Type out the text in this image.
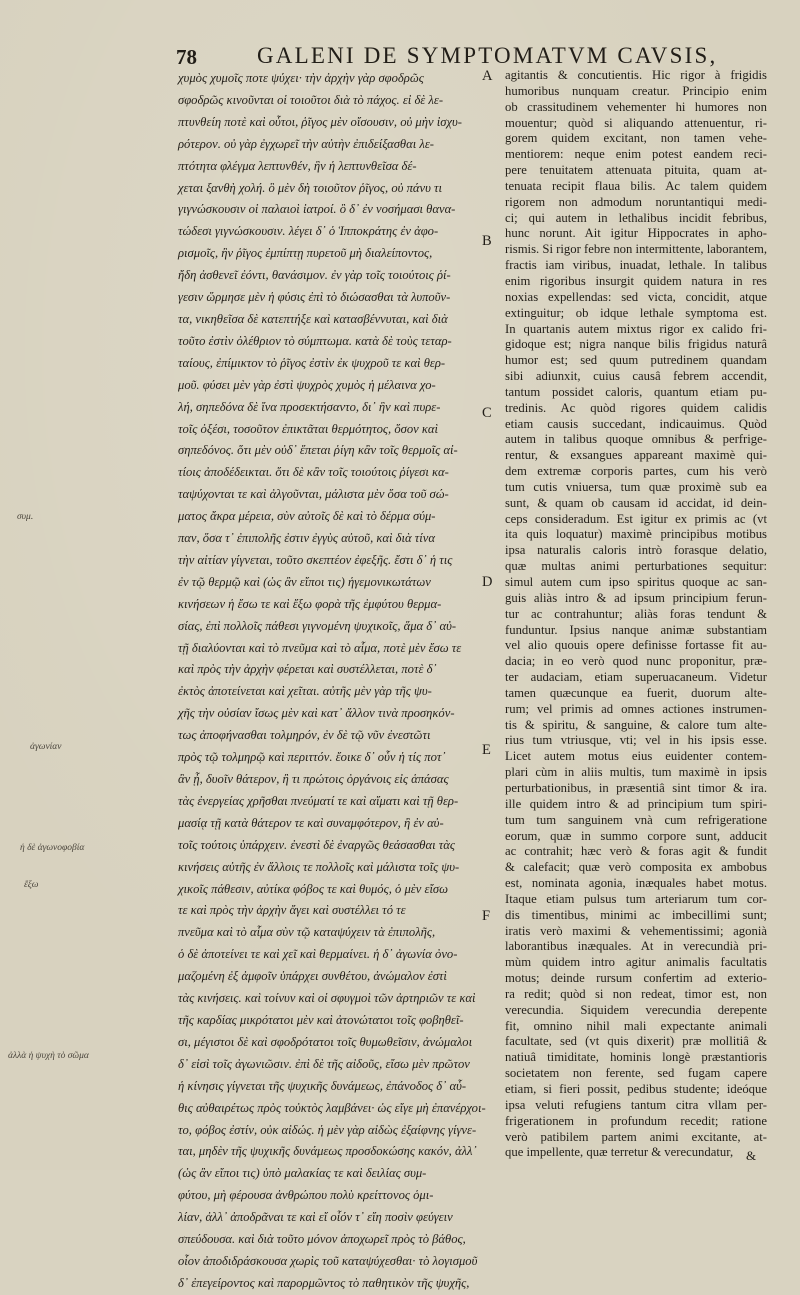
78	GALENI DE SYMPTOMATVM CAVSIS,
χυμὸς χυμοῖς ποτε ψύχει· τὴν ἀρχὴν γὰρ σφοδρῶς
σφοδρῶς κινοῦνται οἱ τοιοῦτοι διὰ τὸ πάχος. εἰ δὲ λε-
πτυνθείη ποτὲ καὶ οὗτοι, ῥῖγος μὲν οἴσουσιν, οὐ μὴν ἰσχυ-
ρότερον. οὐ γὰρ ἐγχωρεῖ τὴν αὐτὴν ἐπιδείξασθαι λε-
πτότητα φλέγμα λεπτυνθέν, ἣν ἡ λεπτυνθεῖσα δέ-
χεται ξανθὴ χολή. ὃ μὲν δὴ τοιοῦτον ῥῖγος, οὐ πάνυ τι
γιγνώσκουσιν οἱ παλαιοὶ ἰατροί. ὃ δ᾽ ἐν νοσήμασι θανα-
τώδεσι γιγνώσκουσιν. λέγει δ᾽ ὁ Ἱπποκράτης ἐν ἀφο-
ρισμοῖς, ἢν ῥῖγος ἐμπίπτῃ πυρετοῦ μὴ διαλείποντος,
ἤδη ἀσθενεῖ ἐόντι, θανάσιμον. ἐν γὰρ τοῖς τοιούτοις ῥί-
γεσιν ὥρμησε μὲν ἡ φύσις ἐπὶ τὸ διώσασθαι τὰ λυποῦν-
τα, νικηθεῖσα δὲ κατεπτήξε καὶ κατασβέννυται, καὶ διὰ
τοῦτο ἐστὶν ὀλέθριον τὸ σύμπτωμα. κατὰ δὲ τοὺς τεταρ-
ταίους, ἐπίμικτον τὸ ῥῖγος ἐστὶν ἐκ ψυχροῦ τε καὶ θερ-
μοῦ. φύσει μὲν γὰρ ἐστὶ ψυχρὸς χυμὸς ἡ μέλαινα χο-
λή, σηπεδόνα δὲ ἴνα προσεκτήσαντο, δι᾽ ἣν καὶ πυρε-
τοῖς ὀξέσι, τοσοῦτον ἐπικτᾶται θερμότητος, ὅσον καὶ
σηπεδόνος. ὅτι μὲν οὐδ᾽ ἕπεται ῥίγη κἂν τοῖς θερμοῖς αἰ-
τίοις ἀποδέδεικται. ὅτι δὲ κἂν τοῖς τοιούτοις ῥίγεσι κα-
ταψύχονται τε καὶ ἀλγοῦνται, μάλιστα μὲν ὅσα τοῦ σώ-
ματος ἄκρα μέρεια, σὺν αὐτοῖς δὲ καὶ τὸ δέρμα σύμ-
παν, ὅσα τ᾽ ἐπιπολῆς ἐστιν ἐγγὺς αὐτοῦ, καὶ διὰ τίνα
τὴν αἰτίαν γίγνεται, τοῦτο σκεπτέον ἐφεξῆς. ἔστι δ᾽ ἡ τις
ἐν τῷ θερμῷ καὶ (ὡς ἂν εἴποι τις) ἡγεμονικωτάτων
κινήσεων ἡ ἔσω τε καὶ ἔξω φορὰ τῆς ἐμφύτου θερμα-
σίας, ἐπὶ πολλοῖς πάθεσι γιγνομένη ψυχικοῖς, ἅμα δ᾽ αὐ-
τῇ διαλύονται καὶ τὸ πνεῦμα καὶ τὸ αἷμα, ποτὲ μὲν ἔσω τε
καὶ πρὸς τὴν ἀρχὴν φέρεται καὶ συστέλλεται, ποτὲ δ᾽
ἐκτὸς ἀποτείνεται καὶ χεῖται. αὐτῆς μὲν γὰρ τῆς ψυ-
χῆς τὴν οὐσίαν ἴσως μὲν καὶ κατ᾽ ἄλλον τινὰ προσηκόν-
τως ἀποφήνασθαι τολμηρόν, ἐν δὲ τῷ νῦν ἐνεστῶτι
πρὸς τῷ τολμηρῷ καὶ περιττόν. ἔοικε δ᾽ οὖν ἡ τίς ποτ᾽
ἂν ᾖ, δυοῖν θάτερον, ἢ τι πρώτοις ὀργάνοις εἰς ἁπάσας
τὰς ἐνεργείας χρῆσθαι πνεύματί τε καὶ αἵματι καὶ τῇ θερ-
μασίᾳ τῇ κατὰ θάτερον τε καὶ συναμφότερον, ἢ ἐν αὐ-
τοῖς τούτοις ὑπάρχειν. ἐνεστὶ δὲ ἐναργῶς θεάσασθαι τὰς
κινήσεις αὐτῆς ἐν ἄλλοις τε πολλοῖς καὶ μάλιστα τοῖς ψυ-
χικοῖς πάθεσιν, αὐτίκα φόβος τε καὶ θυμός, ὁ μὲν εἴσω
τε καὶ πρὸς τὴν ἀρχὴν ἄγει καὶ συστέλλει τό τε
πνεῦμα καὶ τὸ αἷμα σὺν τῷ καταψύχειν τὰ ἐπιπολῆς,
ὁ δὲ ἀποτείνει τε καὶ χεῖ καὶ θερμαίνει. ἡ δ᾽ ἀγωνία ὀνο-
μαζομένη ἐξ ἀμφοῖν ὑπάρχει συνθέτου, ἀνώμαλον ἐστὶ
τὰς κινήσεις. καὶ τοίνυν καὶ οἱ σφυγμοὶ τῶν ἀρτηριῶν τε καὶ
τῆς καρδίας μικρότατοι μὲν καὶ ἀτονώτατοι τοῖς φοβηθεῖ-
σι, μέγιστοι δὲ καὶ σφοδρότατοι τοῖς θυμωθεῖσιν, ἀνώμαλοι
δ᾽ εἰσὶ τοῖς ἀγωνιῶσιν. ἐπὶ δὲ τῆς αἰδοῦς, εἴσω μὲν πρῶτον
ἡ κίνησις γίγνεται τῆς ψυχικῆς δυνάμεως, ἐπάνοδος δ᾽ αὖ-
θις αὐθαιρέτως πρὸς τοὐκτὸς λαμβάνει· ὡς εἴγε μὴ ἐπανέρχοι-
το, φόβος ἐστίν, οὐκ αἰδώς. ἡ μὲν γὰρ αἰδὼς ἐξαίφνης γίγνε-
ται, μηδὲν τῆς ψυχικῆς δυνάμεως προσδοκώσης κακόν, ἀλλ᾽
(ὡς ἂν εἴποι τις) ὑπὸ μαλακίας τε καὶ δειλίας συμ-
φύτου, μὴ φέρουσα ἀνθρώπου πολὺ κρείττονος ὁμι-
λίαν, ἀλλ᾽ ἀποδρᾶναι τε καὶ εἴ οἷόν τ᾽ εἴη ποσὶν φεύγειν
σπεύδουσα. καὶ διὰ τοῦτο μόνον ἀποχωρεῖ πρὸς τὸ βάθος,
οἷον ἀποδιδράσκουσα χωρὶς τοῦ καταψύχεσθαι· τὸ λογισμοῦ
δ᾽ ἐπεγείροντος καὶ παρορμῶντος τὸ παθητικὸν τῆς ψυχῆς,
agitantis & concutientis. Hic rigor à frigidis
humoribus nunquam creatur. Principio enim
ob crassitudinem vehementer hi humores non
mouentur; quòd si aliquando attenuentur, ri-
gorem quidem excitant, non tamen vehe-
mentiorem: neque enim potest eandem reci-
pere tenuitatem attenuata pituita, quam at-
tenuata recipit flaua bilis. Ac talem quidem
rigorem non admodum noruntantiqui medi-
ci; qui autem in lethalibus incidit febribus,
hunc norunt. Ait igitur Hippocrates in apho-
rismis. Si rigor febre non intermittente, laborantem,
fractis iam viribus, inuadat, lethale. In talibus
enim rigoribus insurgit quidem natura in res
noxias expellendas: sed victa, concidit, atque
extinguitur; ob idque lethale symptoma est.
In quartanis autem mixtus rigor ex calido fri-
gidoque est; nigra nanque bilis frigidus naturâ
humor est; sed quum putredinem quandam
sibi adiunxit, cuius causâ febrem accendit,
tantum possidet caloris, quantum etiam pu-
tredinis. Ac quòd rigores quidem calidis
etiam causis succedant, indicauimus. Quòd
autem in talibus quoque omnibus & perfrige-
rentur, & exsangues appareant maximè qui-
dem extremæ corporis partes, cum his verò
tum cutis vniuersa, tum quæ proximè sub ea
sunt, & quam ob causam id accidat, id dein-
ceps consideradum. Est igitur ex primis ac (vt
ita quis loquatur) maximè principibus motibus
ipsa naturalis caloris intrò forasque delatio,
quæ multas animi perturbationes sequitur:
simul autem cum ipso spiritus quoque ac san-
guis aliàs intro & ad ipsum principium ferun-
tur ac contrahuntur; aliàs foras tendunt &
funduntur. Ipsius nanque animæ substantiam
vel alio quouis opere definisse fortasse fit au-
dacia; in eo verò quod nunc proponitur, præ-
ter audaciam, etiam superuacaneum. Videtur
tamen quæcunque ea fuerit, duorum alte-
rum; vel primis ad omnes actiones instrumen-
tis & spiritu, & sanguine, & calore tum alte-
rius tum vtriusque, vti; vel in his ipsis esse.
Licet autem motus eius euidenter contem-
plari cùm in aliis multis, tum maximè in ipsis
perturbationibus, in præsentiâ sint timor & ira.
ille quidem intro & ad principium tum spiri-
tum tum sanguinem vnà cum refrigeratione
eorum, quæ in summo corpore sunt, adducit
ac contrahit; hæc verò & foras agit & fundit
& calefacit; quæ verò composita ex ambobus
est, nominata agonia, inæquales habet motus.
Itaque etiam pulsus tum arteriarum tum cor-
dis timentibus, minimi ac imbecillimi sunt;
iratis verò maximi & vehementissimi; agonià
laborantibus inæquales. At in verecundià pri-
mùm quidem intro agitur animalis facultatis
motus; deinde rursum confertim ad exterio-
ra redit; quòd si non redeat, timor est, non
verecundia. Siquidem verecundia derepente
fit, omnino nihil mali expectante animali
facultate, sed (vt quis dixerit) præ mollitiâ &
natiuâ timiditate, hominis longè præstantioris
societatem non ferente, sed fugam capere
etiam, si fieri possit, pedibus studente; ideóque
ipsa veluti refugiens tantum citra vllam per-
frigerationem in profundum recedit; ratione
verò patibilem partem animi excitante, at-
que impellente, quæ terretur & verecundatur,
A
B
C
D
E
F
συμ.
ἀγωνίαν
ἡ δὲ ἀγωνοφοβία
ἔξω
ἀλλὰ ἡ ψυχὴ τὸ σῶμα
&
